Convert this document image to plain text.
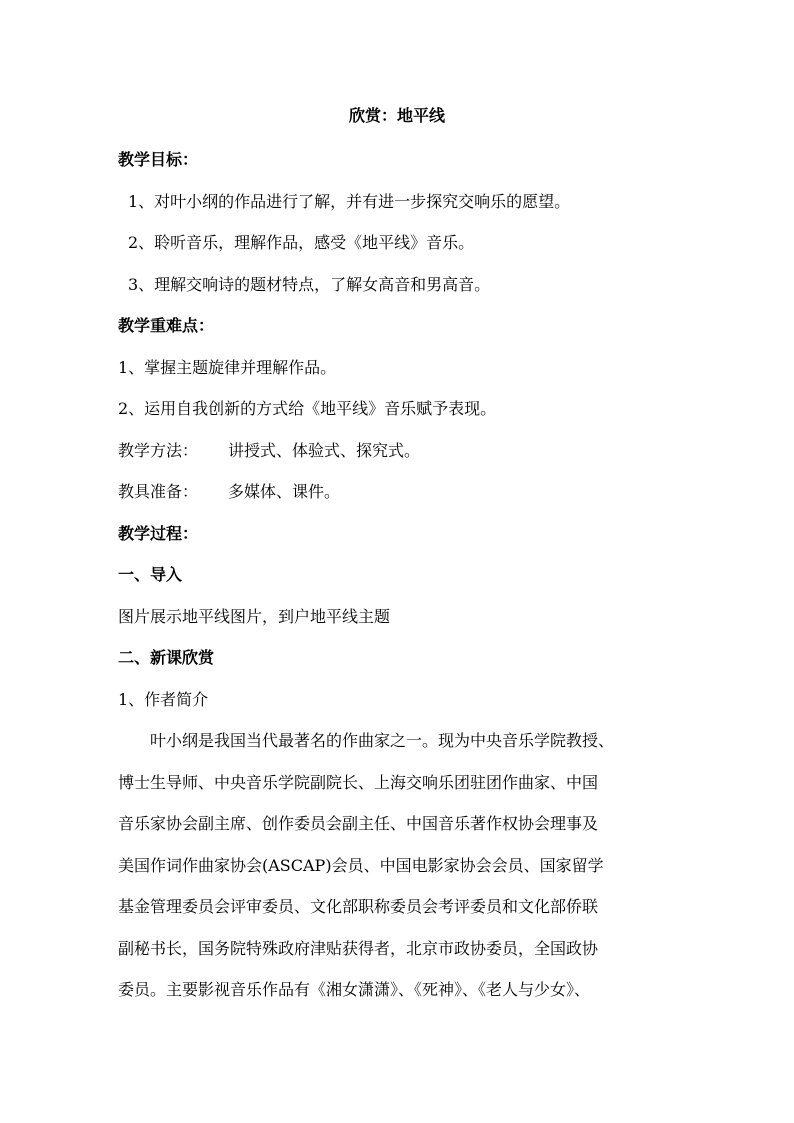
欣赏：地平线
教学目标：
1、对叶小纲的作品进行了解，并有进一步探究交响乐的愿望。
2、聆听音乐，理解作品，感受《地平线》音乐。
3、理解交响诗的题材特点，了解女高音和男高音。
教学重难点：
1、掌握主题旋律并理解作品。
2、运用自我创新的方式给《地平线》音乐赋予表现。
教学方法： 讲授式、体验式、探究式。
教具准备： 多媒体、课件。
教学过程：
一、导入
图片展示地平线图片，到户地平线主题
二、新课欣赏
1、作者简介
叶小纲是我国当代最著名的作曲家之一。现为中央音乐学院教授、
博士生导师、中央音乐学院副院长、上海交响乐团驻团作曲家、中国
音乐家协会副主席、创作委员会副主任、中国音乐著作权协会理事及
美国作词作曲家协会(ASCAP)会员、中国电影家协会会员、国家留学
基金管理委员会评审委员、文化部职称委员会考评委员和文化部侨联
副秘书长，国务院特殊政府津贴获得者，北京市政协委员，全国政协
委员。主要影视音乐作品有《湘女潇潇》、《死神》、《老人与少女》、
